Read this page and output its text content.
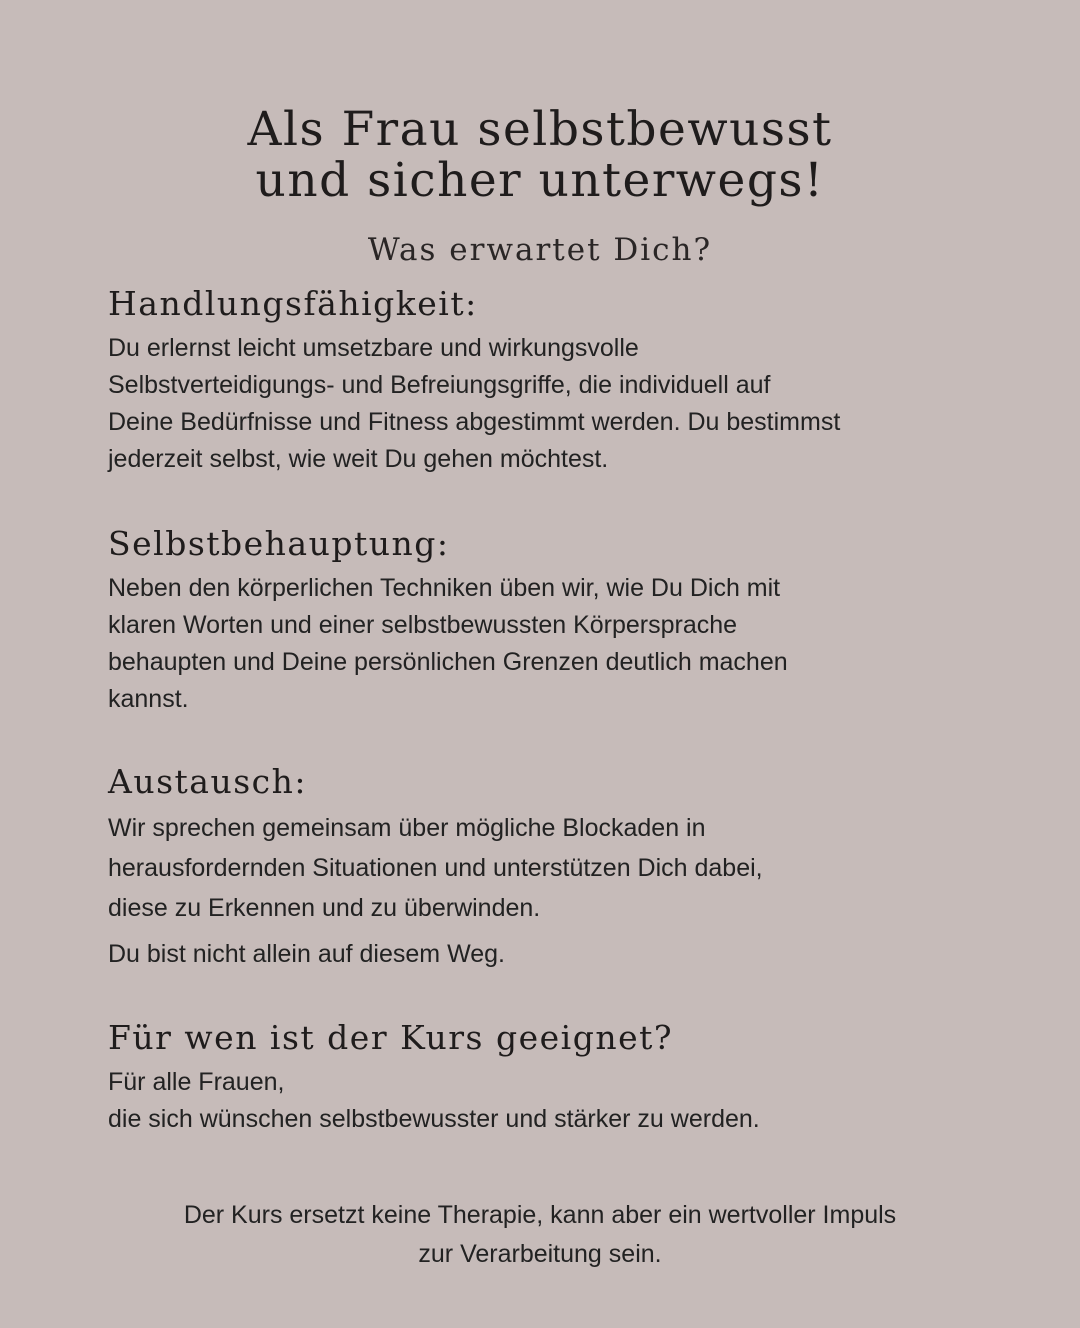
Als Frau selbstbewusst
und sicher unterwegs!

Was erwartet Dich?

Handlungsfähigkeit:

Du erlernst leicht umsetzbare und wirkungsvolle
Selbstverteidigungs- und Befreiungsgriffe, die individuell auf
Deine Bedürfnisse und Fitness abgestimmt werden. Du bestimmst
jederzeit selbst, wie weit Du gehen möchtest.

Selbstbehauptung:

Neben den körperlichen Techniken üben wir, wie Du Dich mit
klaren Worten und einer selbstbewussten Körpersprache
behaupten und Deine persönlichen Grenzen deutlich machen
kannst.

Austausch:

Wir sprechen gemeinsam über mögliche Blockaden in
herausfordernden Situationen und unterstützen Dich dabei,
diese zu Erkennen und zu überwinden.

Du bist nicht allein auf diesem Weg.

Für wen ist der Kurs geeignet?

Für alle Frauen,
die sich wünschen selbstbewusster und stärker zu werden.

Der Kurs ersetzt keine Therapie, kann aber ein wertvoller Impuls
zur Verarbeitung sein.
